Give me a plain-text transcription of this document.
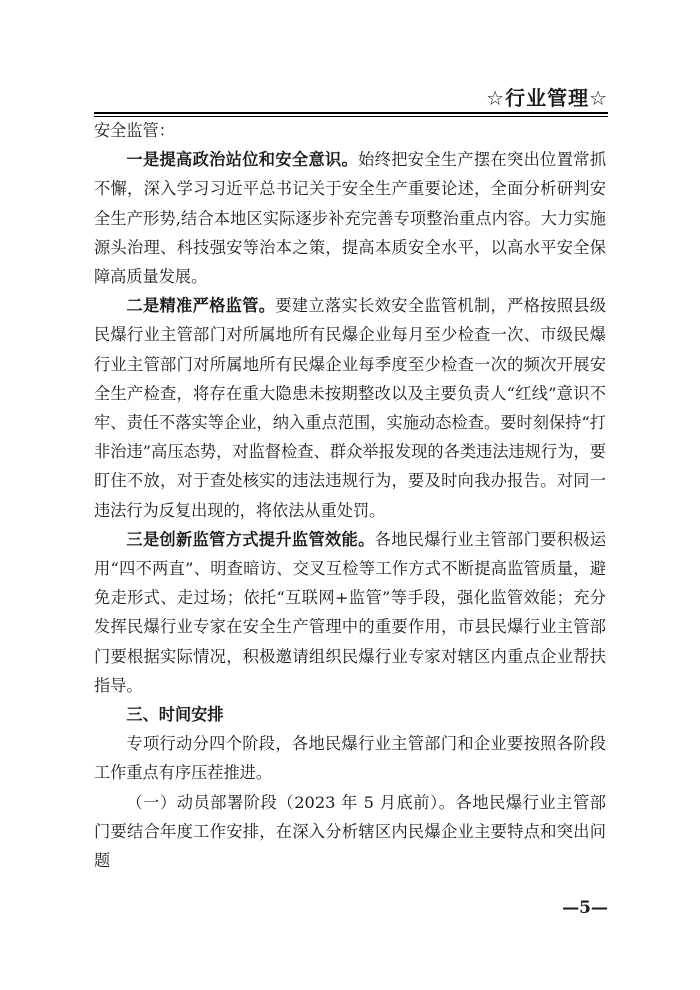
☆行业管理☆

安全监管：

一是提高政治站位和安全意识。始终把安全生产摆在突出位置常抓不懈，深入学习习近平总书记关于安全生产重要论述，全面分析研判安全生产形势,结合本地区实际逐步补充完善专项整治重点内容。大力实施源头治理、科技强安等治本之策，提高本质安全水平，以高水平安全保障高质量发展。

二是精准严格监管。要建立落实长效安全监管机制，严格按照县级民爆行业主管部门对所属地所有民爆企业每月至少检查一次、市级民爆行业主管部门对所属地所有民爆企业每季度至少检查一次的频次开展安全生产检查，将存在重大隐患未按期整改以及主要负责人“红线”意识不牢、责任不落实等企业，纳入重点范围，实施动态检查。要时刻保持“打非治违”高压态势，对监督检查、群众举报发现的各类违法违规行为，要盯住不放，对于查处核实的违法违规行为，要及时向我办报告。对同一违法行为反复出现的，将依法从重处罚。

三是创新监管方式提升监管效能。各地民爆行业主管部门要积极运用“四不两直”、明查暗访、交叉互检等工作方式不断提高监管质量，避免走形式、走过场；依托“互联网+监管”等手段，强化监管效能；充分发挥民爆行业专家在安全生产管理中的重要作用，市县民爆行业主管部门要根据实际情况，积极邀请组织民爆行业专家对辖区内重点企业帮扶指导。

三、时间安排

专项行动分四个阶段，各地民爆行业主管部门和企业要按照各阶段工作重点有序压茬推进。

（一）动员部署阶段（2023 年 5 月底前）。各地民爆行业主管部门要结合年度工作安排，在深入分析辖区内民爆企业主要特点和突出问题

—5—
